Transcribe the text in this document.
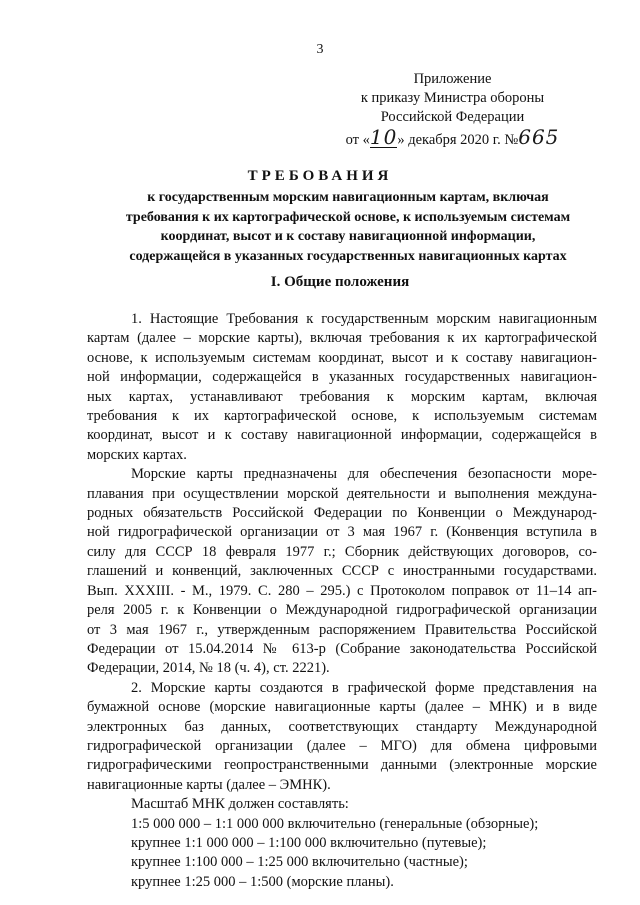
3
Приложение
к приказу Министра обороны
Российской Федерации
от «10» декабря 2020 г. №665
ТРЕБОВАНИЯ
к государственным морским навигационным картам, включая
требования к их картографической основе, к используемым системам
координат, высот и к составу навигационной информации,
содержащейся в указанных государственных навигационных картах
I. Общие положения
1. Настоящие Требования к государственным морским навигационным
картам (далее – морские карты), включая требования к их картографической
основе, к используемым системам координат, высот и к составу навигацион-
ной информации, содержащейся в указанных государственных навигацион-
ных картах, устанавливают требования к морским картам, включая
требования к их картографической основе, к используемым системам
координат, высот и к составу навигационной информации, содержащейся в
морских картах.
Морские карты предназначены для обеспечения безопасности море-
плавания при осуществлении морской деятельности и выполнения междуна-
родных обязательств Российской Федерации по Конвенции о Международ-
ной гидрографической организации от 3 мая 1967 г. (Конвенция вступила в
силу для СССР 18 февраля 1977 г.; Сборник действующих договоров, со-
глашений и конвенций, заключенных СССР с иностранными государствами.
Вып. XXXIII. - М., 1979. С. 280 – 295.) с Протоколом поправок от 11–14 ап-
реля 2005 г. к Конвенции о Международной гидрографической организации
от 3 мая 1967 г., утвержденным распоряжением Правительства Российской
Федерации от 15.04.2014 № 613-р (Собрание законодательства Российской
Федерации, 2014, № 18 (ч. 4), ст. 2221).
2. Морские карты создаются в графической форме представления на
бумажной основе (морские навигационные карты (далее – МНК) и в виде
электронных баз данных, соответствующих стандарту Международной
гидрографической организации (далее – МГО) для обмена цифровыми
гидрографическими геопространственными данными (электронные морские
навигационные карты (далее – ЭМНК).
Масштаб МНК должен составлять:
1:5 000 000 – 1:1 000 000 включительно (генеральные (обзорные);
крупнее 1:1 000 000 – 1:100 000 включительно (путевые);
крупнее 1:100 000 – 1:25 000 включительно (частные);
крупнее 1:25 000 – 1:500 (морские планы).
